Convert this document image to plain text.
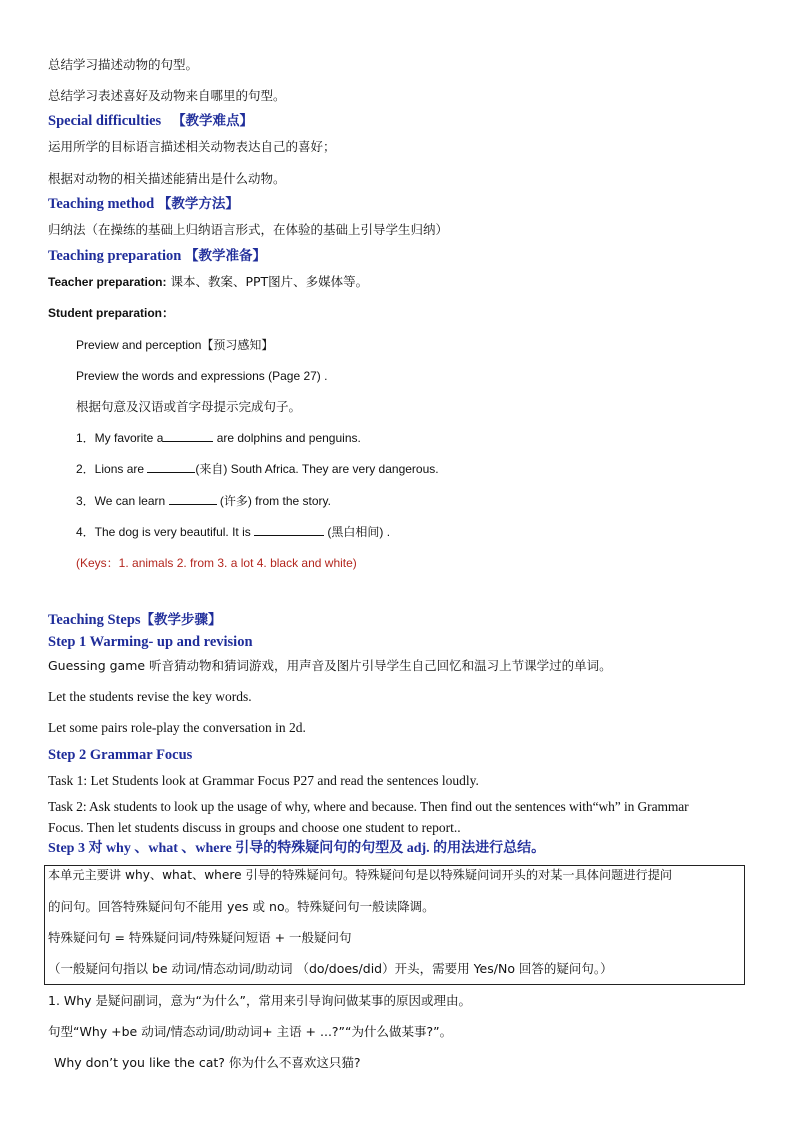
总结学习描述动物的句型。
总结学习表述喜好及动物来自哪里的句型。
Special difficulties 【教学难点】
运用所学的目标语言描述相关动物表达自己的喜好；
根据对动物的相关描述能猜出是什么动物。
Teaching method 【教学方法】
归纳法（在操练的基础上归纳语言形式，在体验的基础上引导学生归纳）
Teaching preparation 【教学准备】
Teacher preparation: 课本、教案、PPT图片、多媒体等。
Student preparation：
Preview and perception【预习感知】
Preview the words and expressions (Page 27) .
根据句意及汉语或首字母提示完成句子。
1．My favorite a	are dolphins and penguins.
2．Lions are	(来自) South Africa. They are very dangerous.
3．We can learn	(许多) from the story.
4．The dog is very beautiful. It is	(黑白相间) .
(Keys：1. animals 2. from 3. a lot 4. black and white)
Teaching Steps【教学步骤】
Step 1 Warming- up and revision
Guessing game 听音猜动物和猜词游戏，用声音及图片引导学生自己回忆和温习上节课学过的单词。
Let the students revise the key words.
Let some pairs role-play the conversation in 2d.
Step 2 Grammar Focus
Task 1: Let Students look at Grammar Focus P27 and read the sentences loudly.
Task 2: Ask students to look up the usage of why, where and because. Then find out the sentences with“wh” in Grammar
Focus. Then let students discuss in groups and choose one student to report..
Step 3 对 why 、what 、where 引导的特殊疑问句的句型及 adj. 的用法进行总结。
本单元主要讲 why、what、where 引导的特殊疑问句。特殊疑问句是以特殊疑问词开头的对某一具体问题进行提问
的问句。回答特殊疑问句不能用 yes 或 no。特殊疑问句一般读降调。
特殊疑问句 = 特殊疑问词/特殊疑问短语 + 一般疑问句
（一般疑问句指以 be 动词/情态动词/助动词 （do/does/did）开头，需要用 Yes/No 回答的疑问句。）
1. Why 是疑问副词，意为“为什么”，常用来引导询问做某事的原因或理由。
句型“Why +be 动词/情态动词/助动词+ 主语 + ...?”“为什么做某事?”。
Why don’t you like the cat? 你为什么不喜欢这只猫?
